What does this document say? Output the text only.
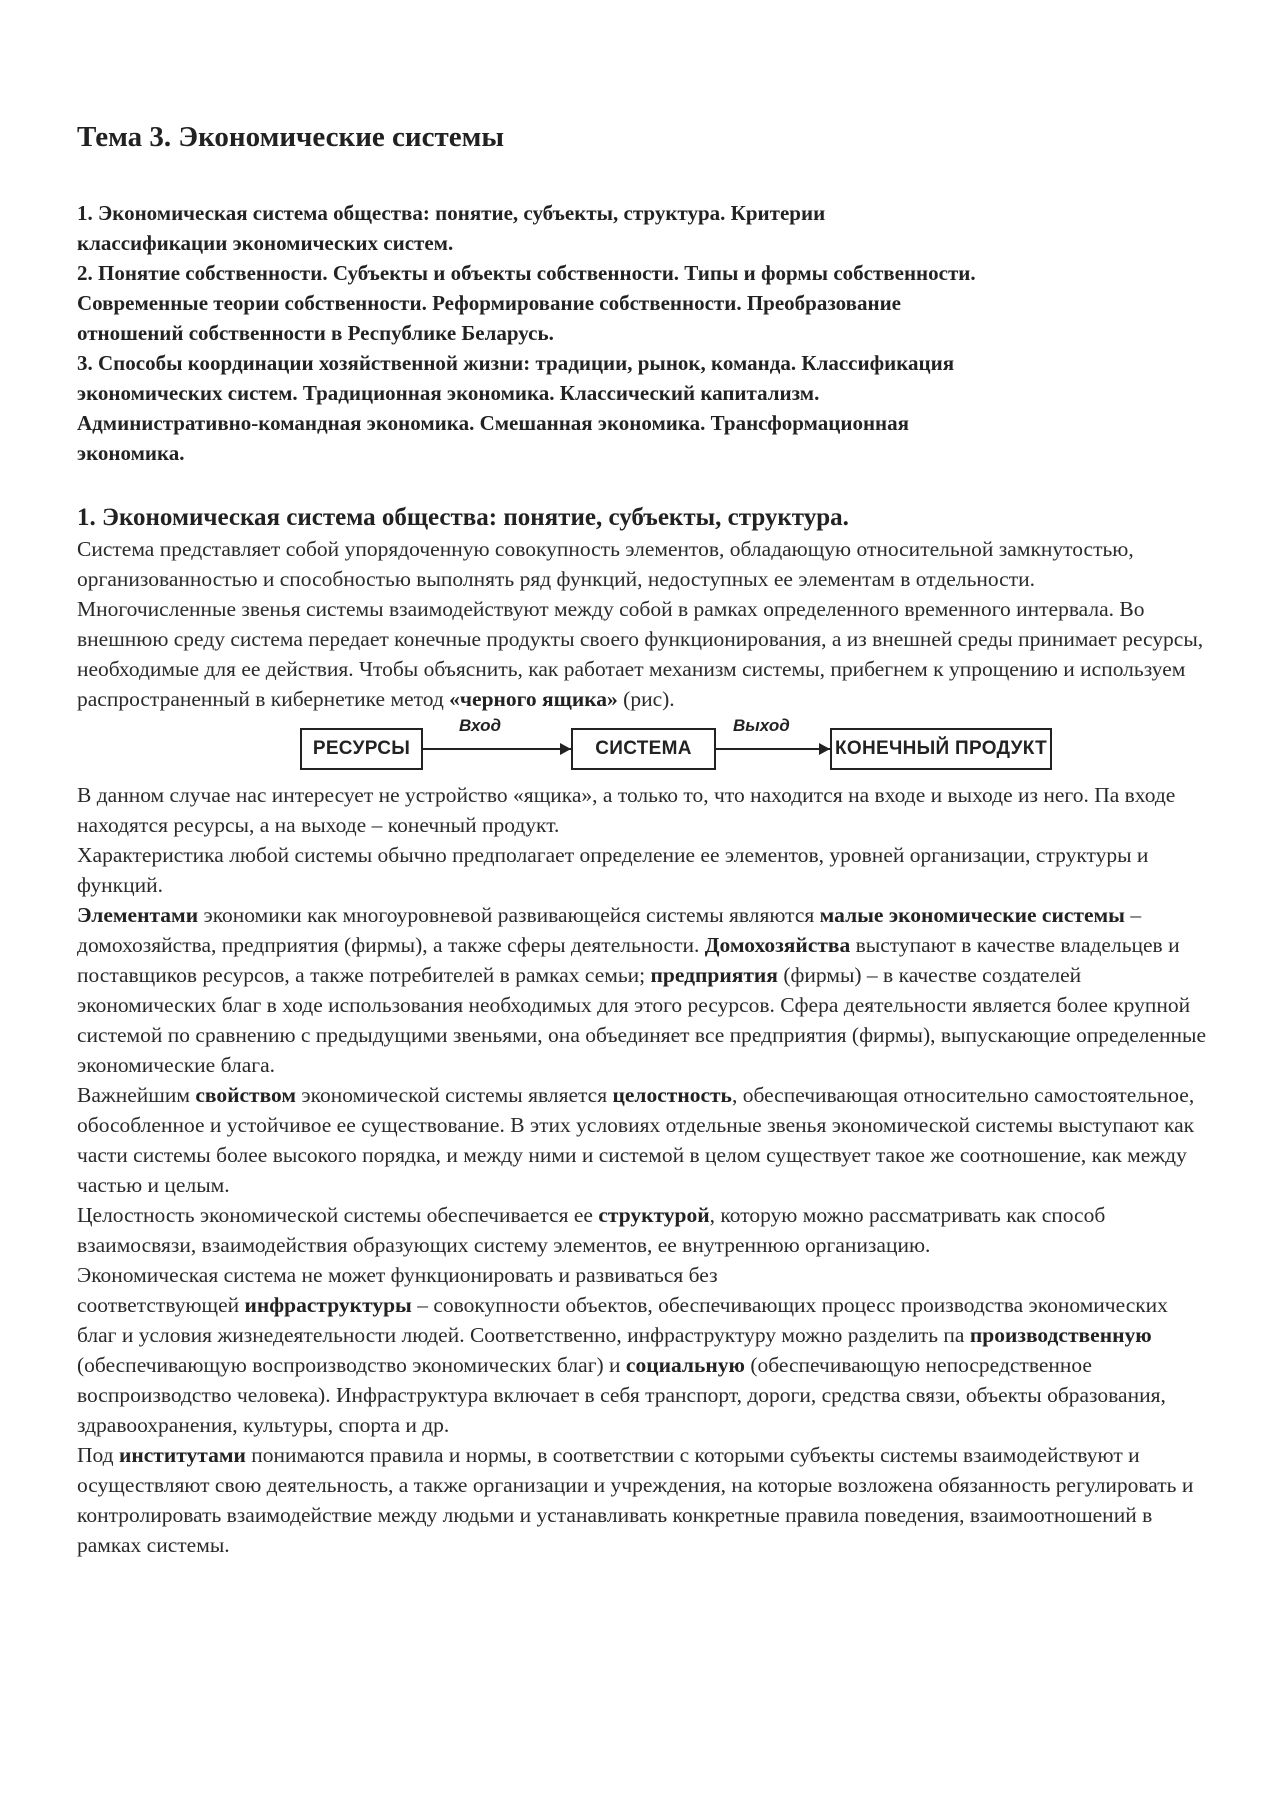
Тема 3. Экономические системы

1. Экономическая система общества: понятие, субъекты, структура. Критерии

классификации экономических систем.

2. Понятие собственности. Субъекты и объекты собственности. Типы и формы собственности.

Современные теории собственности. Реформирование собственности. Преобразование

отношений собственности в Республике Беларусь.

3. Способы координации хозяйственной жизни: традиции, рынок, команда. Классификация

экономических систем. Традиционная экономика. Классический капитализм.

Административно-командная экономика. Смешанная экономика. Трансформационная

экономика.

1. Экономическая система общества: понятие, субъекты, структура.

Система представляет собой упорядоченную совокупность элементов, обладающую относительной замкнутостью, организованностью и способностью выполнять ряд функций, недоступных ее элементам в отдельности.

Многочисленные звенья системы взаимодействуют между собой в рамках определенного временного интервала. Во внешнюю среду система передает конечные продукты своего функционирования, а из внешней среды принимает ресурсы, необходимые для ее действия. Чтобы объяснить, как работает механизм системы, прибегнем к упрощению и используем распространенный в кибернетике метод «черного ящика» (рис).

РЕСУРСЫ
Вход
СИСТЕМА
Выход
КОНЕЧНЫЙ ПРОДУКТ

В данном случае нас интересует не устройство «ящика», а только то, что находится на входе и выходе из него. Па входе находятся ресурсы, а на выходе – конечный продукт.

Характеристика любой системы обычно предполагает определение ее элементов, уровней организации, структуры и функций.

Элементами экономики как многоуровневой развивающейся системы являются малые экономические системы – домохозяйства, предприятия (фирмы), а также сферы деятельности. Домохозяйства выступают в качестве владельцев и поставщиков ресурсов, а также потребителей в рамках семьи; предприятия (фирмы) – в качестве создателей экономических благ в ходе использования необходимых для этого ресурсов. Сфера деятельности является более крупной системой по сравнению с предыдущими звеньями, она объединяет все предприятия (фирмы), выпускающие определенные экономические блага.

Важнейшим свойством экономической системы является целостность, обеспечивающая относительно самостоятельное, обособленное и устойчивое ее существование. В этих условиях отдельные звенья экономической системы выступают как части системы более высокого порядка, и между ними и системой в целом существует такое же соотношение, как между частью и целым.

Целостность экономической системы обеспечивается ее структурой, которую можно рассматривать как способ взаимосвязи, взаимодействия образующих систему элементов, ее внутреннюю организацию.

Экономическая система не может функционировать и развиваться без
соответствующей инфраструктуры – совокупности объектов, обеспечивающих процесс производства экономических благ и условия жизнедеятельности людей. Соответственно, инфраструктуру можно разделить па производственную (обеспечивающую воспроизводство экономических благ) и социальную (обеспечивающую непосредственное воспроизводство человека). Инфраструктура включает в себя транспорт, дороги, средства связи, объекты образования, здравоохранения, культуры, спорта и др.

Под институтами понимаются правила и нормы, в соответствии с которыми субъекты системы взаимодействуют и осуществляют свою деятельность, а также организации и учреждения, на которые возложена обязанность регулировать и контролировать взаимодействие между людьми и устанавливать конкретные правила поведения, взаимоотношений в рамках системы.
